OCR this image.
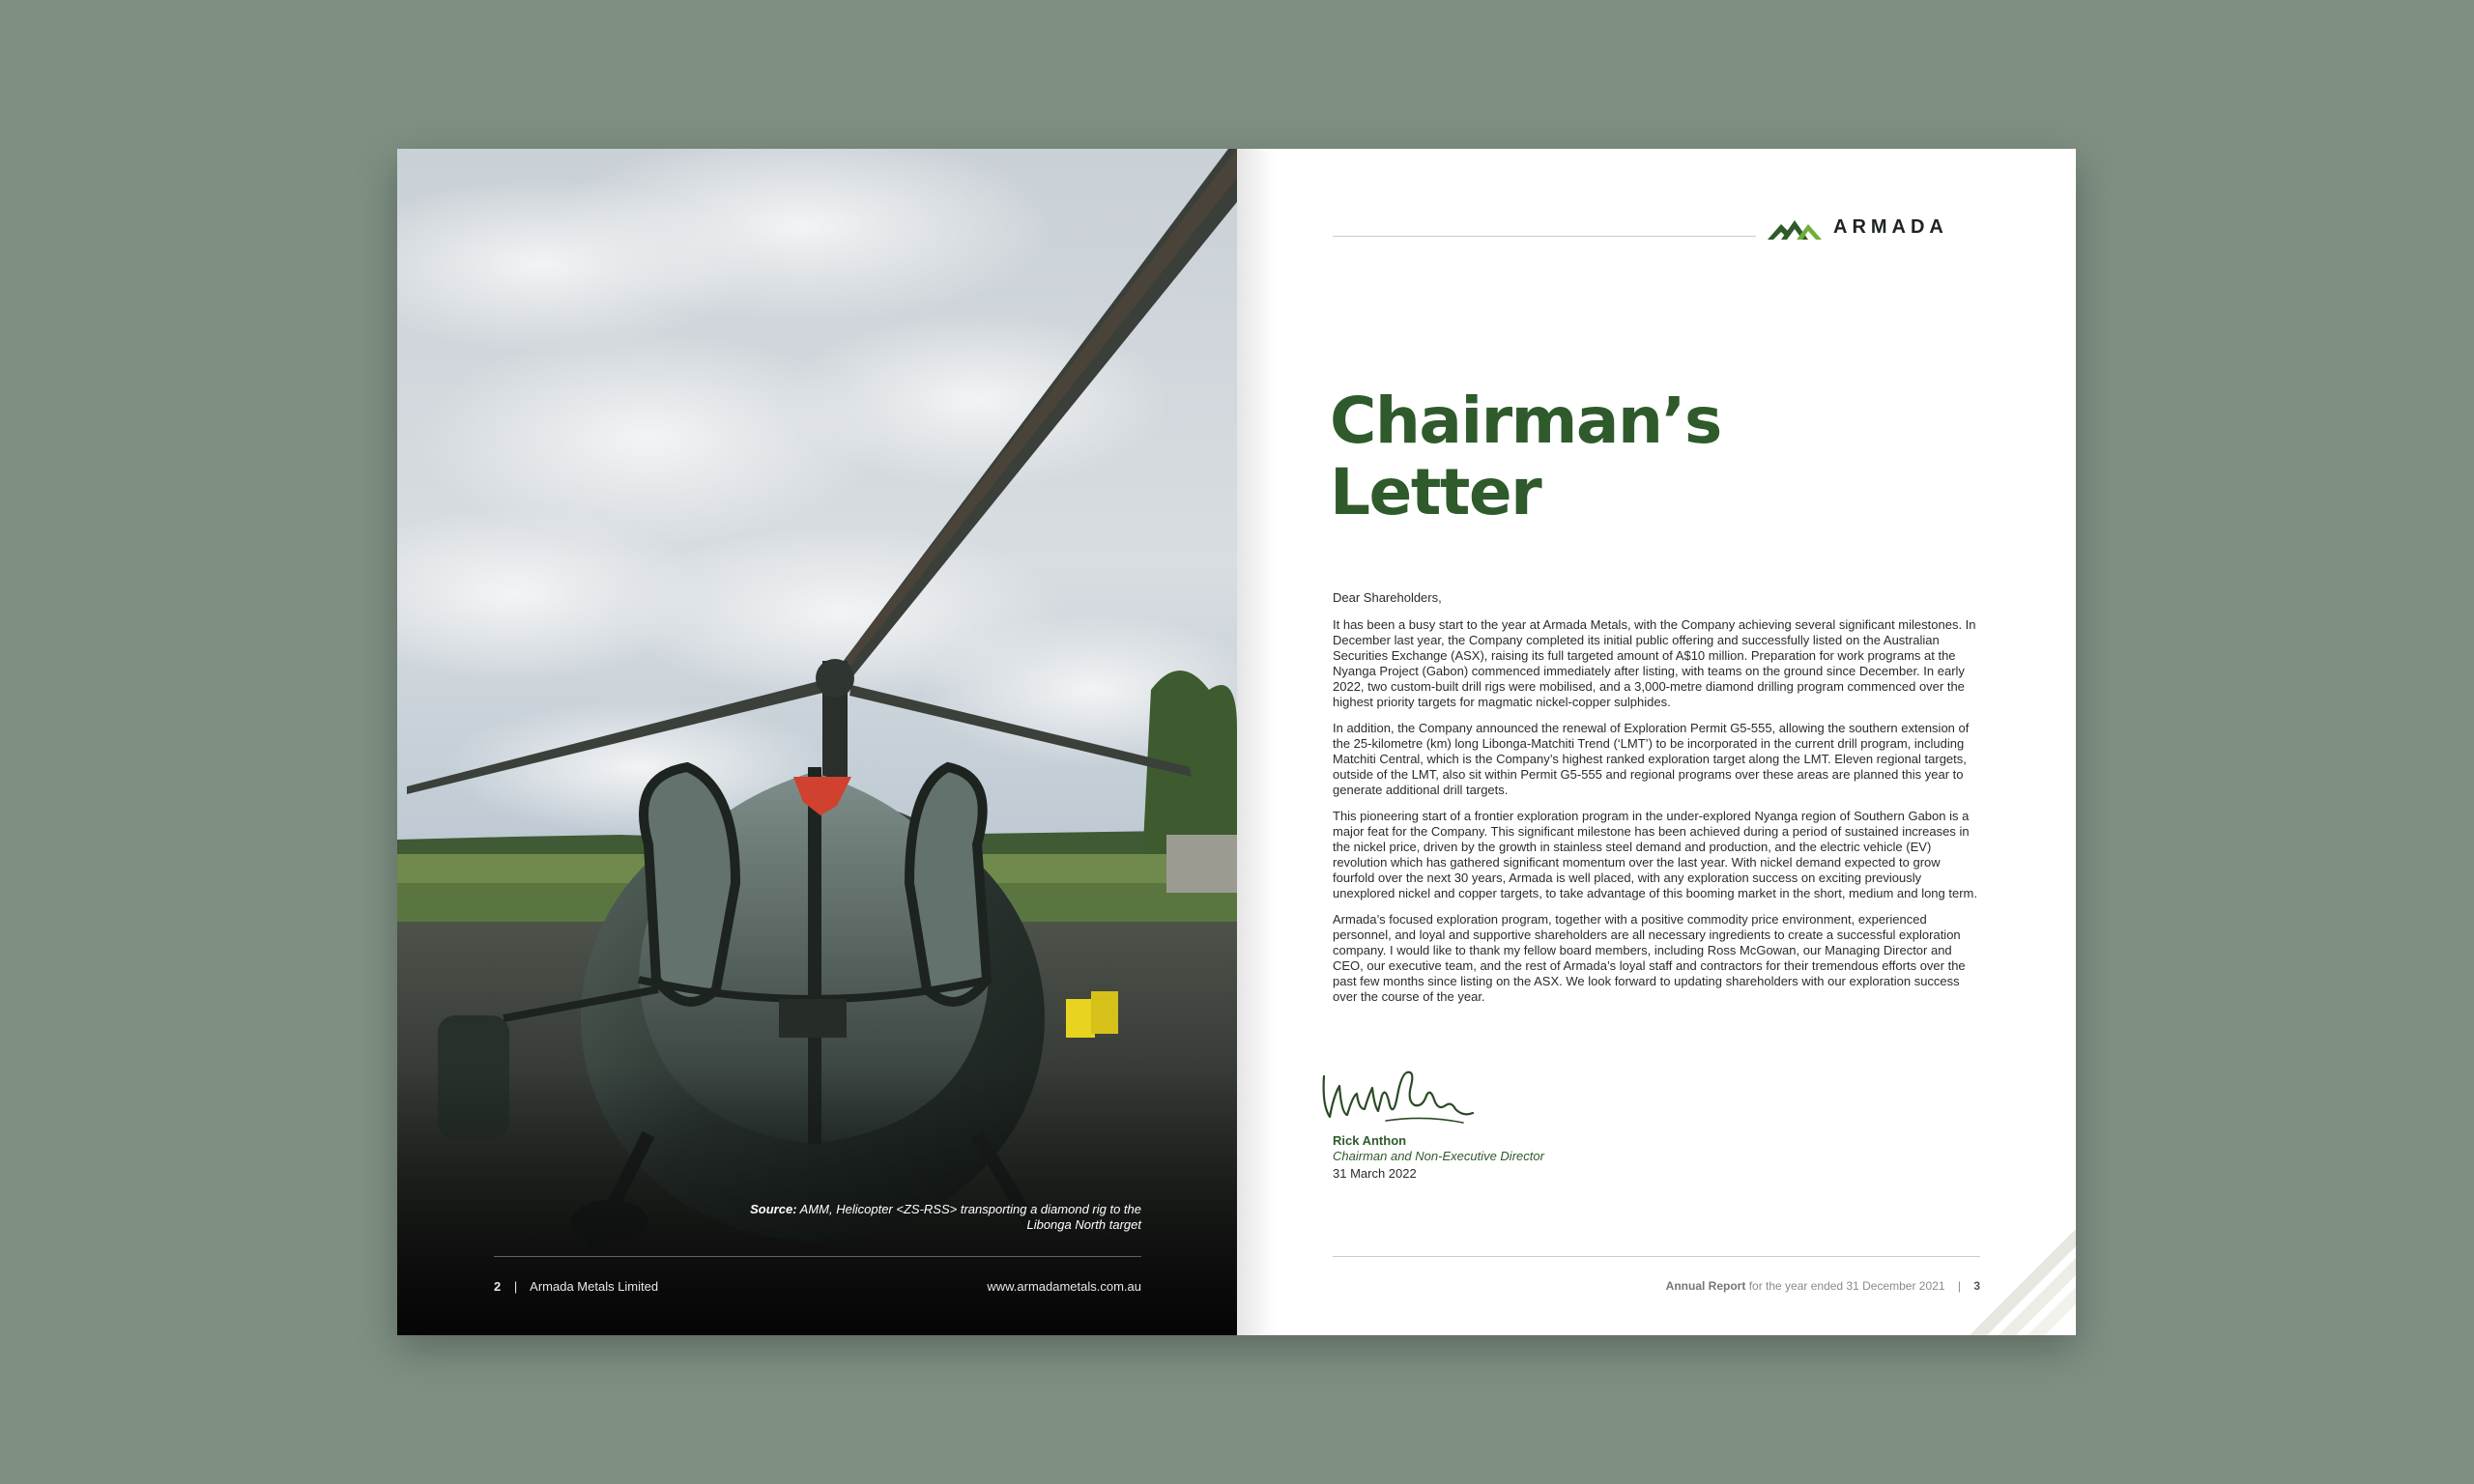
Source: AMM, Helicopter <ZS-RSS> transporting a diamond rig to the Libonga North target
2 | Armada Metals Limited	www.armadametals.com.au
ARMADA
Chairman’s
Letter

Dear Shareholders,

It has been a busy start to the year at Armada Metals, with the Company achieving several significant milestones. In December last year, the Company completed its initial public offering and successfully listed on the Australian Securities Exchange (ASX), raising its full targeted amount of A$10 million. Preparation for work programs at the Nyanga Project (Gabon) commenced immediately after listing, with teams on the ground since December. In early 2022, two custom-built drill rigs were mobilised, and a 3,000-metre diamond drilling program commenced over the highest priority targets for magmatic nickel-copper sulphides.

In addition, the Company announced the renewal of Exploration Permit G5-555, allowing the southern extension of the 25-kilometre (km) long Libonga-Matchiti Trend (‘LMT’) to be incorporated in the current drill program, including Matchiti Central, which is the Company’s highest ranked exploration target along the LMT. Eleven regional targets, outside of the LMT, also sit within Permit G5-555 and regional programs over these areas are planned this year to generate additional drill targets.

This pioneering start of a frontier exploration program in the under-explored Nyanga region of Southern Gabon is a major feat for the Company. This significant milestone has been achieved during a period of sustained increases in the nickel price, driven by the growth in stainless steel demand and production, and the electric vehicle (EV) revolution which has gathered significant momentum over the last year. With nickel demand expected to grow fourfold over the next 30 years, Armada is well placed, with any exploration success on exciting previously unexplored nickel and copper targets, to take advantage of this booming market in the short, medium and long term.

Armada’s focused exploration program, together with a positive commodity price environment, experienced personnel, and loyal and supportive shareholders are all necessary ingredients to create a successful exploration company. I would like to thank my fellow board members, including Ross McGowan, our Managing Director and CEO, our executive team, and the rest of Armada’s loyal staff and contractors for their tremendous efforts over the past few months since listing on the ASX. We look forward to updating shareholders with our exploration success over the course of the year.

Rick Anthon
Chairman and Non-Executive Director
31 March 2022
Annual Report for the year ended 31 December 2021 | 3
